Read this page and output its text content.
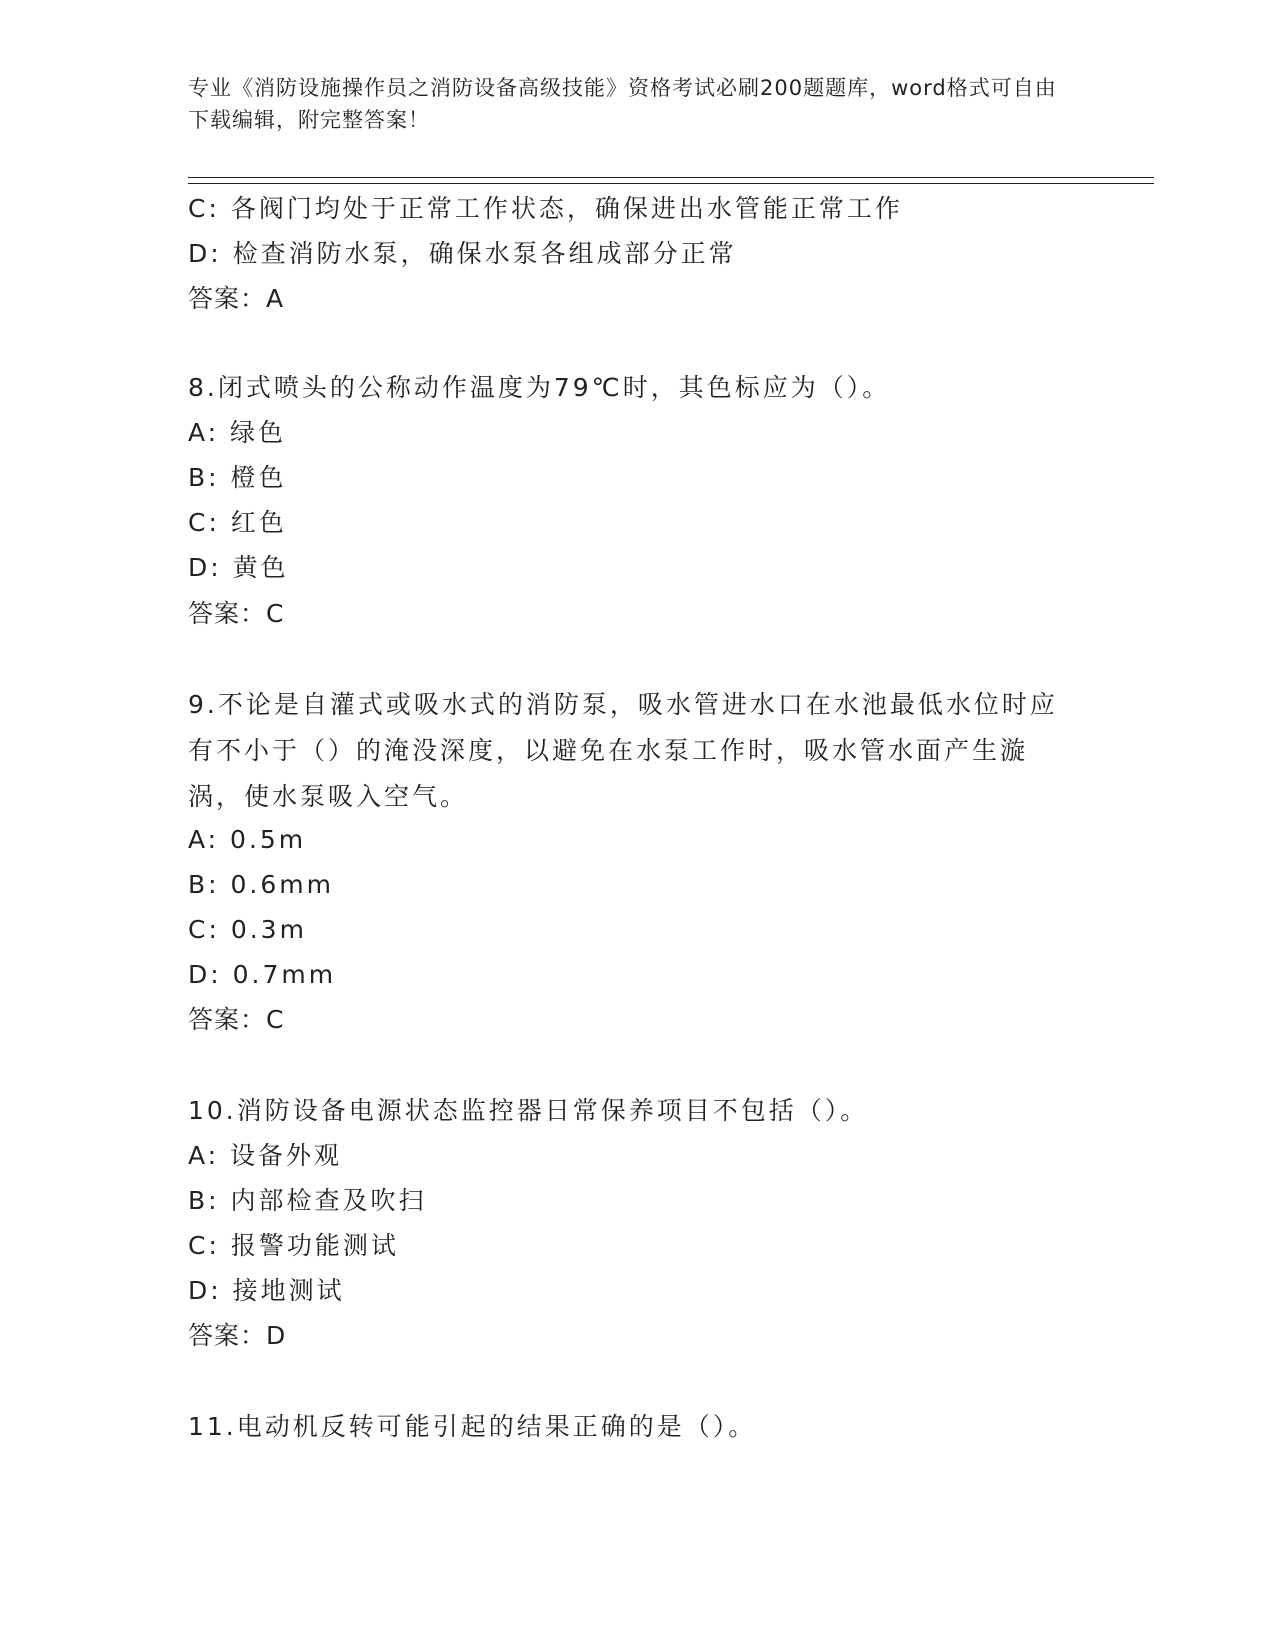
专业《消防设施操作员之消防设备高级技能》资格考试必刷200题题库，word格式可自由下载编辑，附完整答案！
C: 各阀门均处于正常工作状态，确保进出水管能正常工作
D: 检查消防水泵，确保水泵各组成部分正常
答案：A
8.闭式喷头的公称动作温度为79℃时，其色标应为（）。
A: 绿色
B: 橙色
C: 红色
D: 黄色
答案：C
9.不论是自灌式或吸水式的消防泵，吸水管进水口在水池最低水位时应有不小于（）的淹没深度，以避免在水泵工作时，吸水管水面产生漩涡，使水泵吸入空气。
A: 0.5m
B: 0.6mm
C: 0.3m
D: 0.7mm
答案：C
10.消防设备电源状态监控器日常保养项目不包括（）。
A: 设备外观
B: 内部检查及吹扫
C: 报警功能测试
D: 接地测试
答案：D
11.电动机反转可能引起的结果正确的是（）。
